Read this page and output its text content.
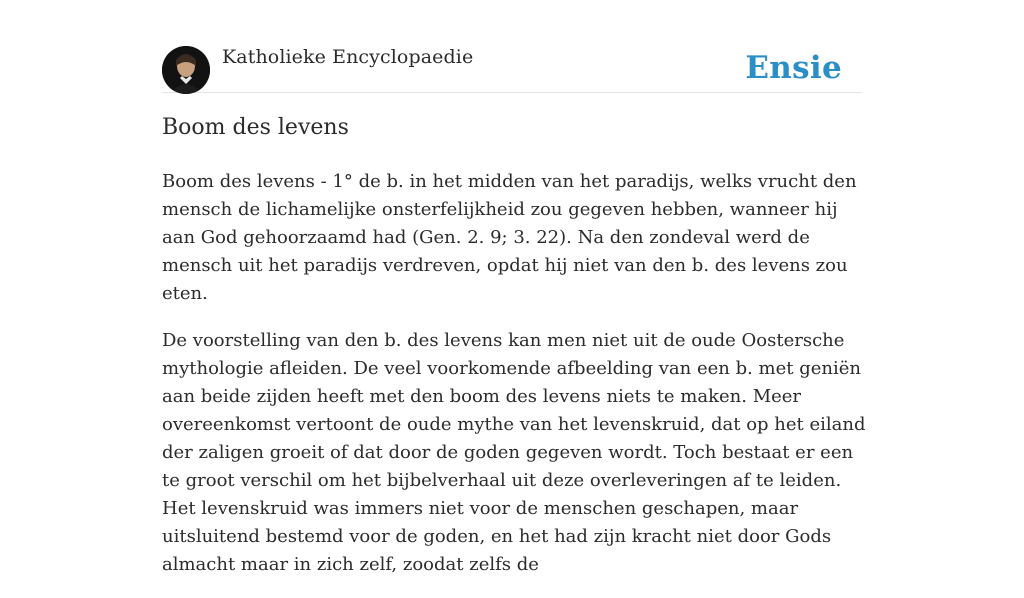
Katholieke Encyclopaedie	Ensie
Boom des levens

Boom des levens - 1° de b. in het midden van het paradijs, welks vrucht den mensch de lichamelijke onsterfelijkheid zou gegeven hebben, wanneer hij aan God gehoorzaamd had (Gen. 2. 9; 3. 22). Na den zondeval werd de mensch uit het paradijs verdreven, opdat hij niet van den b. des levens zou eten.

De voorstelling van den b. des levens kan men niet uit de oude Oostersche mythologie afleiden. De veel voorkomende afbeelding van een b. met geniën aan beide zijden heeft met den boom des levens niets te maken. Meer overeenkomst vertoont de oude mythe van het levenskruid, dat op het eiland der zaligen groeit of dat door de goden gegeven wordt. Toch bestaat er een te groot verschil om het bijbelverhaal uit deze overleveringen af te leiden. Het levenskruid was immers niet voor de menschen geschapen, maar uitsluitend bestemd voor de goden, en het had zijn kracht niet door Gods almacht maar in zich zelf, zoodat zelfs de
